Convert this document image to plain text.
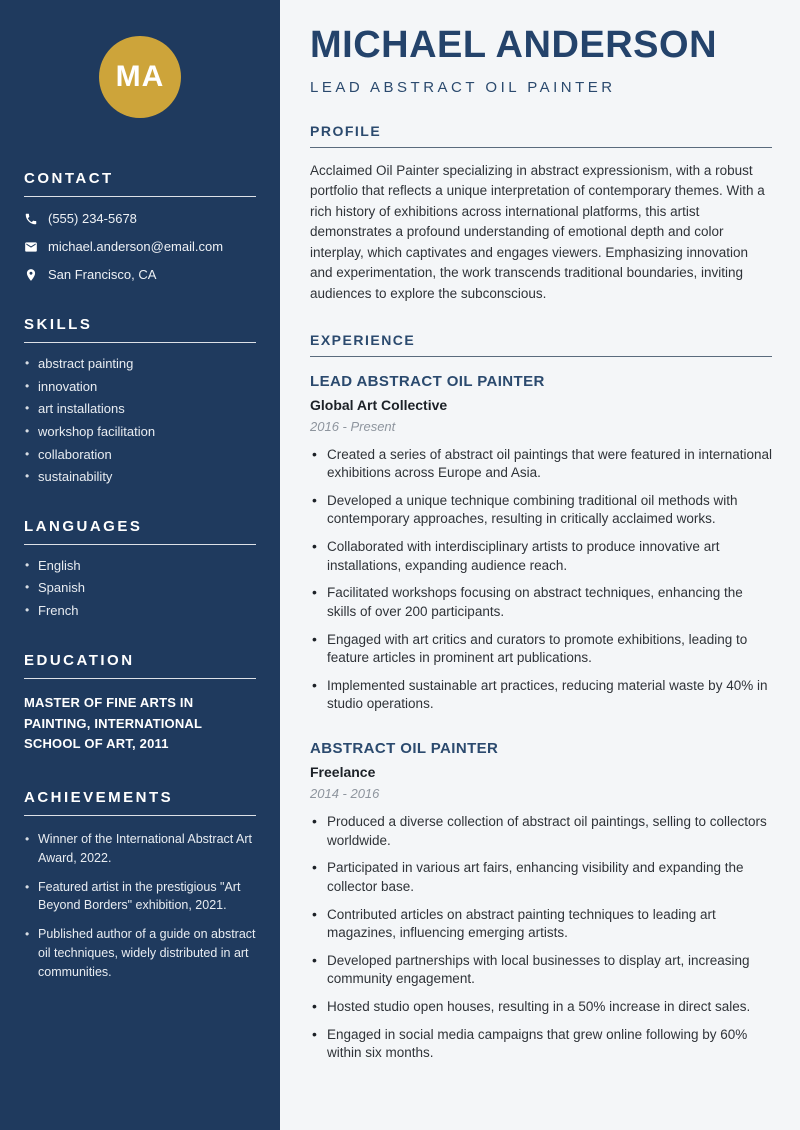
MA
CONTACT
(555) 234-5678
michael.anderson@email.com
San Francisco, CA
SKILLS
• abstract painting
• innovation
• art installations
• workshop facilitation
• collaboration
• sustainability
LANGUAGES
• English
• Spanish
• French
EDUCATION

MASTER OF FINE ARTS IN PAINTING, INTERNATIONAL SCHOOL OF ART, 2011

ACHIEVEMENTS
• Winner of the International Abstract Art Award, 2022.
• Featured artist in the prestigious "Art Beyond Borders" exhibition, 2021.
• Published author of a guide on abstract oil techniques, widely distributed in art communities.
MICHAEL ANDERSON
LEAD ABSTRACT OIL PAINTER
PROFILE

Acclaimed Oil Painter specializing in abstract expressionism, with a robust portfolio that reflects a unique interpretation of contemporary themes. With a rich history of exhibitions across international platforms, this artist demonstrates a profound understanding of emotional depth and color interplay, which captivates and engages viewers. Emphasizing innovation and experimentation, the work transcends traditional boundaries, inviting audiences to explore the subconscious.

EXPERIENCE
LEAD ABSTRACT OIL PAINTER
Global Art Collective
2016 - Present
• Created a series of abstract oil paintings that were featured in international exhibitions across Europe and Asia.
• Developed a unique technique combining traditional oil methods with contemporary approaches, resulting in critically acclaimed works.
• Collaborated with interdisciplinary artists to produce innovative art installations, expanding audience reach.
• Facilitated workshops focusing on abstract techniques, enhancing the skills of over 200 participants.
• Engaged with art critics and curators to promote exhibitions, leading to feature articles in prominent art publications.
• Implemented sustainable art practices, reducing material waste by 40% in studio operations.
ABSTRACT OIL PAINTER
Freelance
2014 - 2016
• Produced a diverse collection of abstract oil paintings, selling to collectors worldwide.
• Participated in various art fairs, enhancing visibility and expanding the collector base.
• Contributed articles on abstract painting techniques to leading art magazines, influencing emerging artists.
• Developed partnerships with local businesses to display art, increasing community engagement.
• Hosted studio open houses, resulting in a 50% increase in direct sales.
• Engaged in social media campaigns that grew online following by 60% within six months.
